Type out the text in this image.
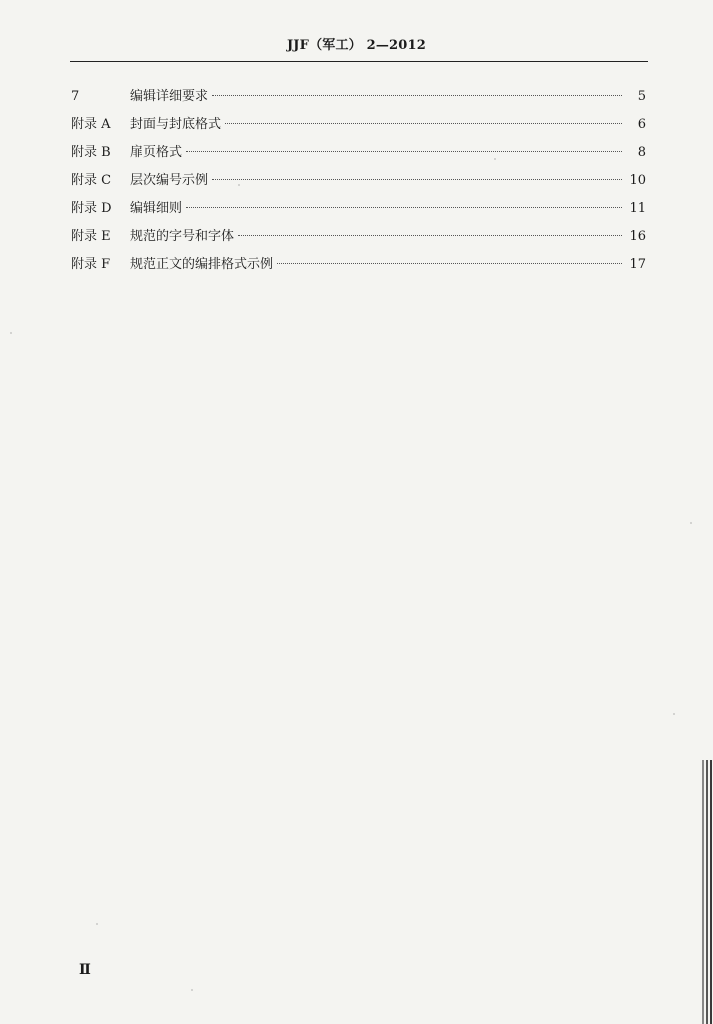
JJF（军工） 2—2012
7	编辑详细要求	5
附录 A	封面与封底格式	6
附录 B	扉页格式	8
附录 C	层次编号示例	10
附录 D	编辑细则	11
附录 E	规范的字号和字体	16
附录 F	规范正文的编排格式示例	17
Ⅱ
